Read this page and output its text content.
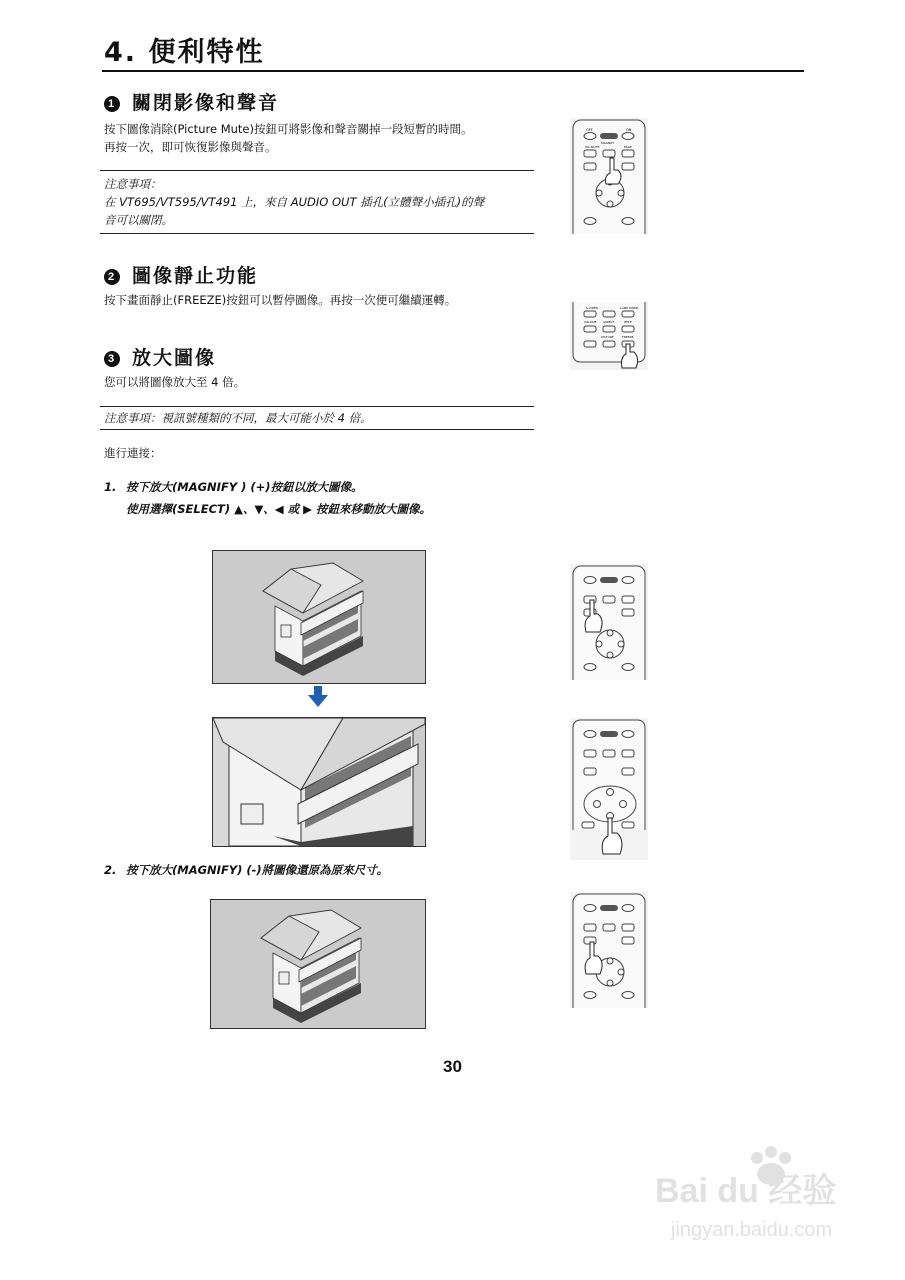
4. 便利特性
1 關閉影像和聲音
按下圖像消除(Picture Mute)按鈕可將影像和聲音關掉一段短暫的時間。
再按一次，即可恢復影像與聲音。
注意事項：
在 VT695/VT595/VT491 上，來自 AUDIO OUT 插孔(立體聲小插孔)的聲
音可以關閉。
2 圖像靜止功能
按下畫面靜止(FREEZE)按鈕可以暫停圖像。再按一次便可繼續運轉。
3 放大圖像
您可以將圖像放大至 4 倍。
注意事項：視訊號種類的不同，最大可能小於 4 倍。
進行連接：
1. 按下放大(MAGNIFY ) (+)按鈕以放大圖像。
使用選擇(SELECT) ▲、▼、◀ 或 ▶ 按鈕來移動放大圖像。
2. 按下放大(MAGNIFY) (-)將圖像還原為原來尺寸。
OFF	ON
MAGNIFY
PIC-MUTE	PAGE
S-VIDEO	LAMP MODE
VOLUME ASPECT	HELP
PICTURE	FREEZE
30
Bai du 经验
jingyan.baidu.com
